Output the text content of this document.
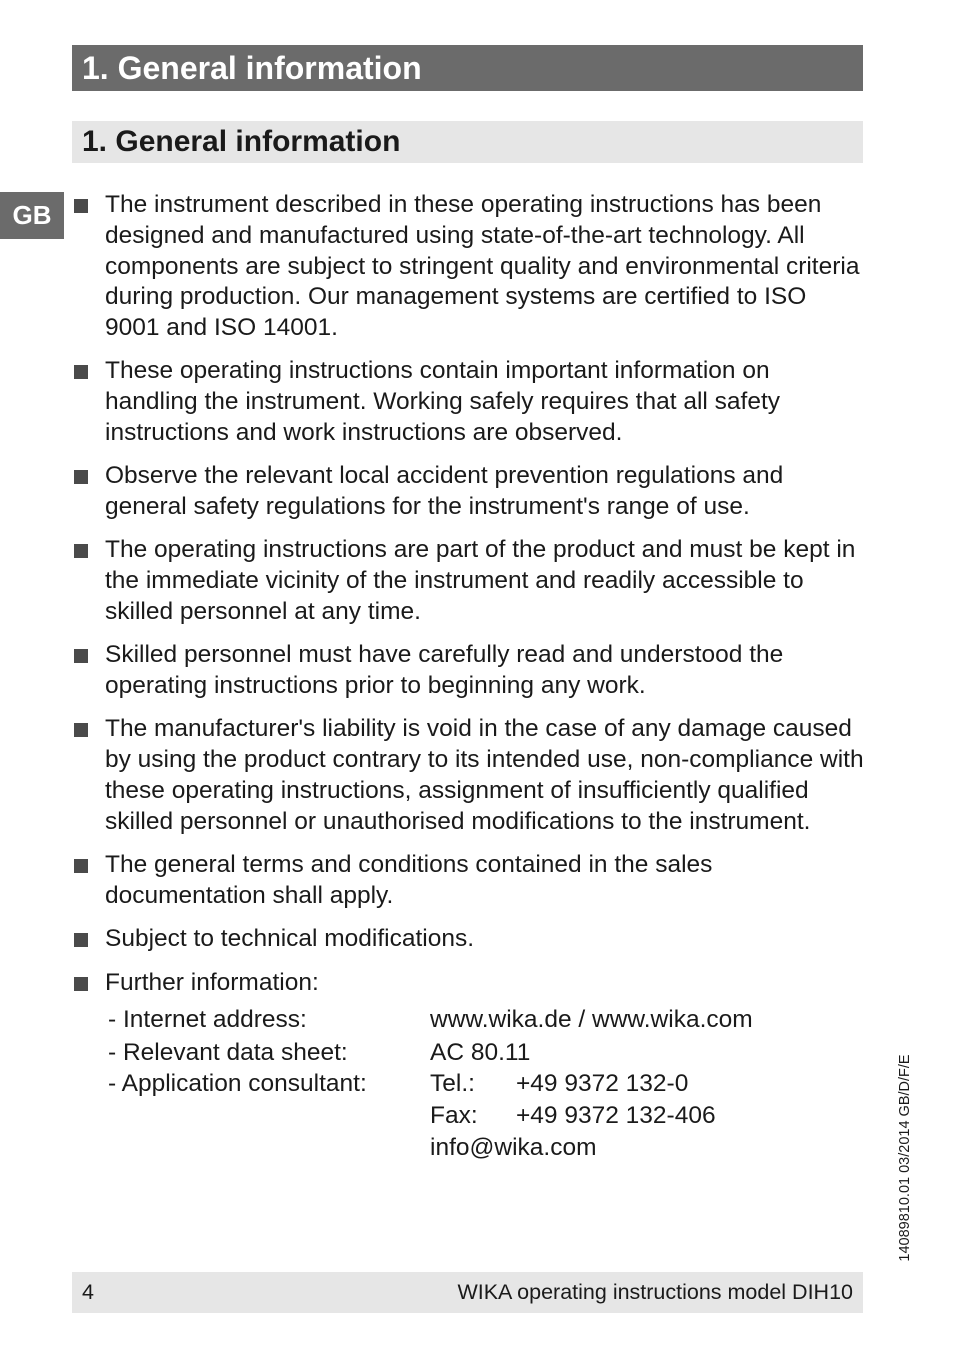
1. General information
1. General information
GB	The instrument described in these operating instructions has been designed and manufactured using state-of-the-art technology. All components are subject to stringent quality and environmental criteria during production. Our management systems are certified to ISO 9001 and ISO 14001.
These operating instructions contain important information on handling the instrument. Working safely requires that all safety instructions and work instructions are observed.
Observe the relevant local accident prevention regulations and general safety regulations for the instrument's range of use.
The operating instructions are part of the product and must be kept in the immediate vicinity of the instrument and readily accessible to skilled personnel at any time.
Skilled personnel must have carefully read and understood the operating instructions prior to beginning any work.
The manufacturer's liability is void in the case of any damage caused by using the product contrary to its intended use, non-compliance with these operating instructions, assignment of insufficiently qualified skilled personnel or unauthorised modifications to the instrument.
The general terms and conditions contained in the sales documentation shall apply.
Subject to technical modifications.
Further information:
- Internet address:	www.wika.de / www.wika.com
- Relevant data sheet:	AC 80.11
- Application consultant:	Tel.: +49 9372 132-0
Fax: +49 9372 132-406
info@wika.com	14089810.01 03/2014 GB/D/F/E
4	WIKA operating instructions model DIH10
